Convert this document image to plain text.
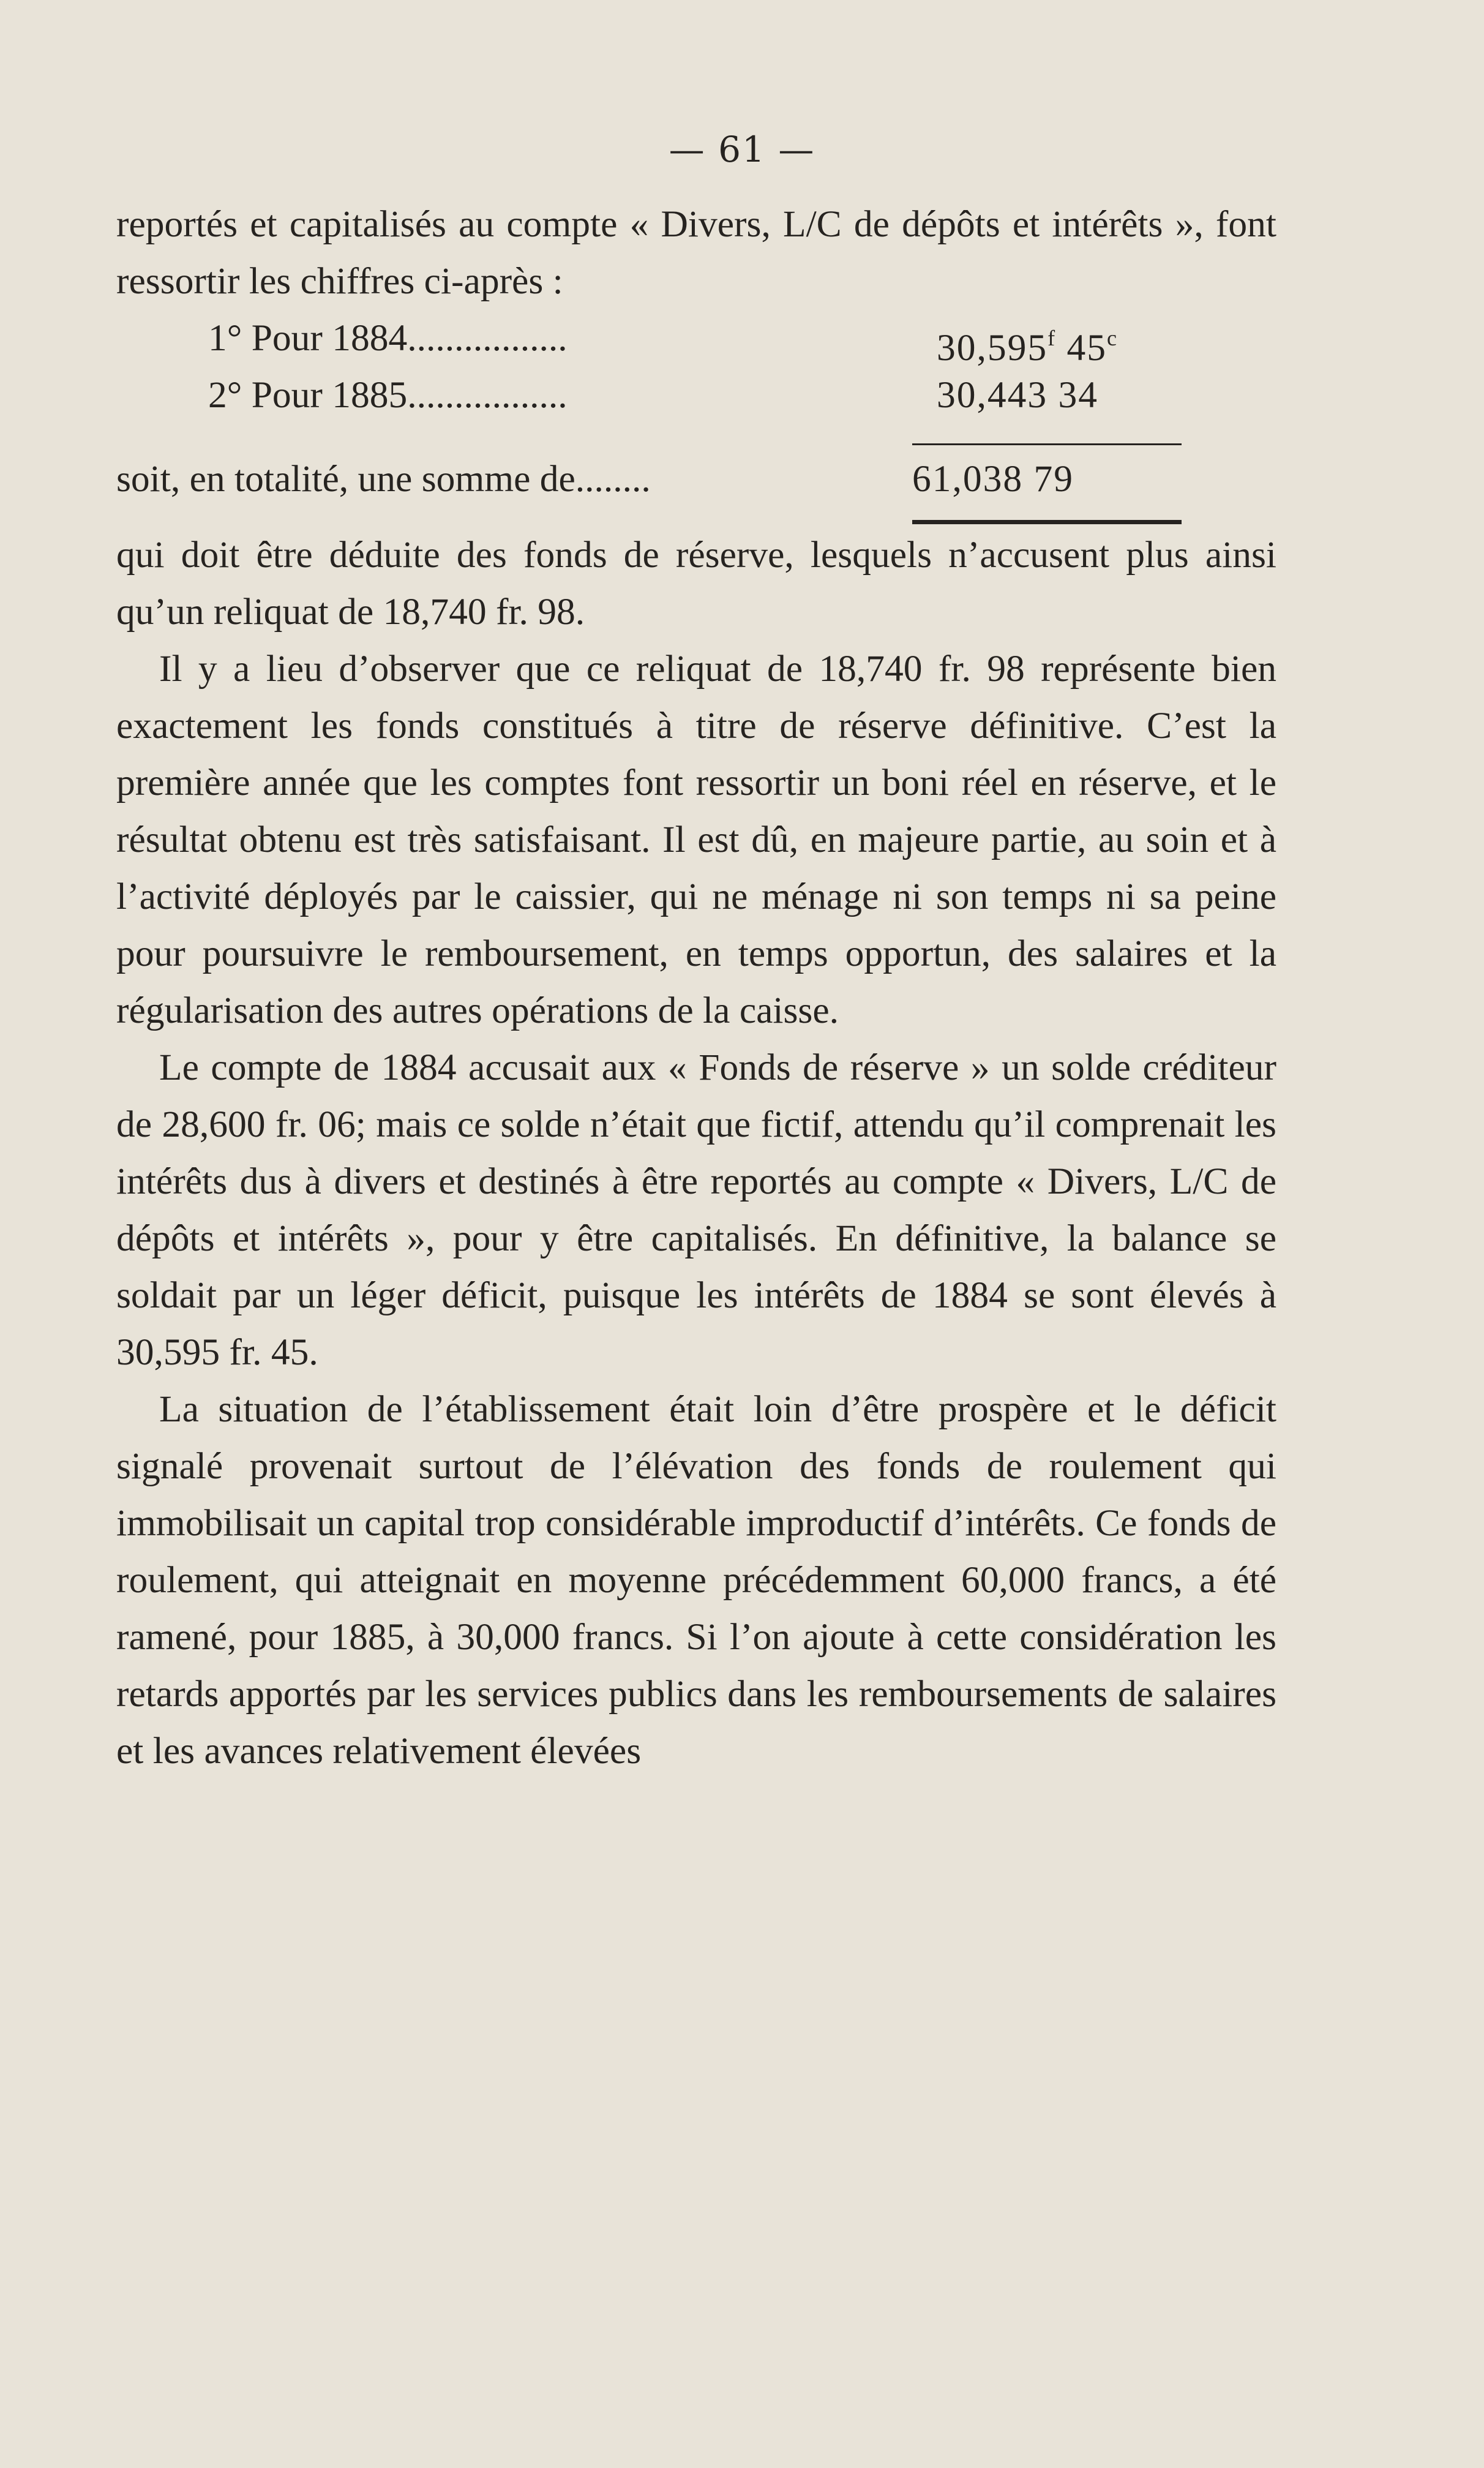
— 61 —

reportés et capitalisés au compte « Divers, L/C de dépôts et intérêts », font ressortir les chiffres ci-après :

1° Pour 1884.................	30,595$^f$ 45$^c$
2° Pour 1885.................	30,443 34
soit, en totalité, une somme de........	61,038 79

qui doit être déduite des fonds de réserve, lesquels n’accusent plus ainsi qu’un reliquat de 18,740 fr. 98.

Il y a lieu d’observer que ce reliquat de 18,740 fr. 98 représente bien exactement les fonds constitués à titre de réserve définitive. C’est la première année que les comptes font ressortir un boni réel en réserve, et le résultat obtenu est très satisfaisant. Il est dû, en majeure partie, au soin et à l’activité déployés par le caissier, qui ne ménage ni son temps ni sa peine pour poursuivre le remboursement, en temps opportun, des salaires et la régularisation des autres opérations de la caisse.

Le compte de 1884 accusait aux « Fonds de réserve » un solde créditeur de 28,600 fr. 06; mais ce solde n’était que fictif, attendu qu’il comprenait les intérêts dus à divers et destinés à être reportés au compte « Divers, L/C de dépôts et intérêts », pour y être capitalisés. En définitive, la balance se soldait par un léger déficit, puisque les intérêts de 1884 se sont élevés à 30,595 fr. 45.

La situation de l’établissement était loin d’être prospère et le déficit signalé provenait surtout de l’élévation des fonds de roulement qui immobilisait un capital trop considérable improductif d’intérêts. Ce fonds de roulement, qui atteignait en moyenne précédemment 60,000 francs, a été ramené, pour 1885, à 30,000 francs. Si l’on ajoute à cette considération les retards apportés par les services publics dans les remboursements de salaires et les avances relativement élevées
